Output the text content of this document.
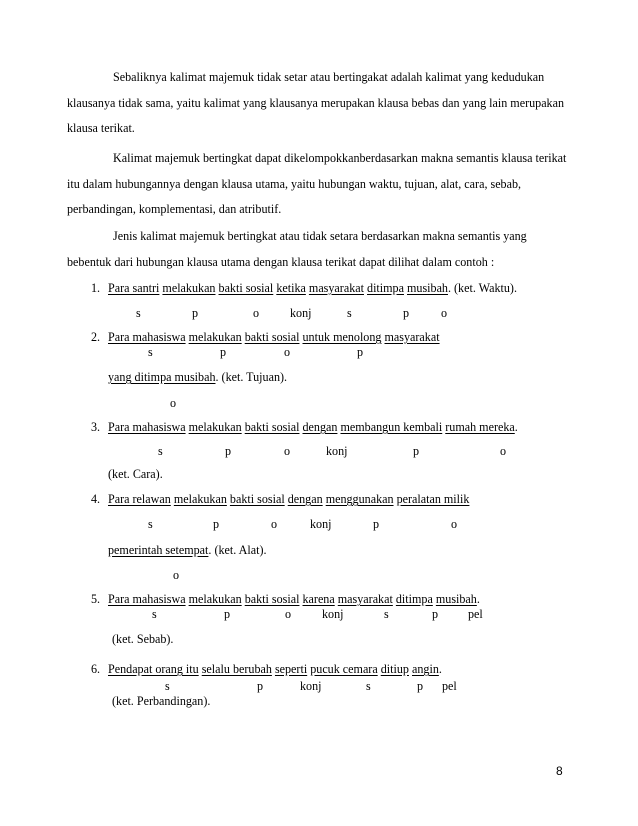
Sebaliknya kalimat majemuk tidak setar atau bertingakat adalah kalimat yang kedudukan klausanya tidak sama, yaitu kalimat yang klausanya merupakan klausa bebas dan yang lain merupakan klausa terikat.
Kalimat majemuk bertingkat dapat dikelompokkanberdasarkan makna semantis klausa terikat itu dalam hubungannya dengan klausa utama, yaitu hubungan waktu, tujuan, alat, cara, sebab, perbandingan, komplementasi, dan atributif.
Jenis kalimat majemuk bertingkat atau tidak setara berdasarkan makna semantis yang bebentuk dari hubungan klausa utama dengan klausa terikat dapat dilihat dalam contoh :
1. Para santri melakukan bakti sosial ketika masyarakat ditimpa musibah. (ket. Waktu).
s	p	o	konj	s	p	o
2. Para mahasiswa melakukan bakti sosial untuk menolong masyarakat
yang ditimpa musibah. (ket. Tujuan).
s	p	o	p
o
3. Para mahasiswa melakukan bakti sosial dengan membangun kembali rumah mereka.
(ket. Cara).
s	p	o	konj	p	o
4. Para relawan melakukan bakti sosial dengan menggunakan peralatan milik
pemerintah setempat. (ket. Alat).
s	p	o	konj	p	o
o
5. Para mahasiswa melakukan bakti sosial karena masyarakat ditimpa musibah.
(ket. Sebab).
s	p	o	konj	s	p pel
6. Pendapat orang itu selalu berubah seperti pucuk cemara ditiup angin.
(ket. Perbandingan).
s	p	konj	s	p pel
8
